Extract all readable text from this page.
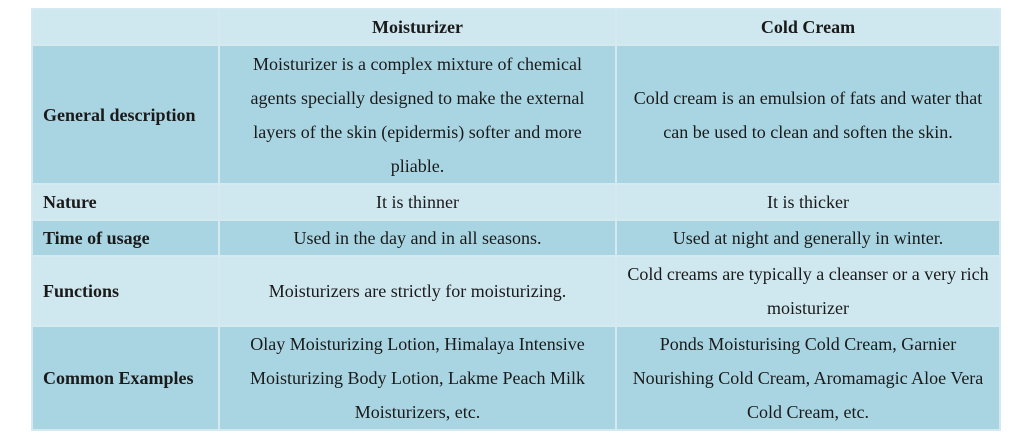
	Moisturizer	Cold Cream
General description	Moisturizer is a complex mixture of chemical agents specially designed to make the external layers of the skin (epidermis) softer and more pliable.	Cold cream is an emulsion of fats and water that can be used to clean and soften the skin.
Nature	It is thinner	It is thicker
Time of usage	Used in the day and in all seasons.	Used at night and generally in winter.
Functions	Moisturizers are strictly for moisturizing.	Cold creams are typically a cleanser or a very rich moisturizer
Common Examples	Olay Moisturizing Lotion, Himalaya Intensive Moisturizing Body Lotion, Lakme Peach Milk Moisturizers, etc.	Ponds Moisturising Cold Cream, Garnier Nourishing Cold Cream, Aromamagic Aloe Vera Cold Cream, etc.
